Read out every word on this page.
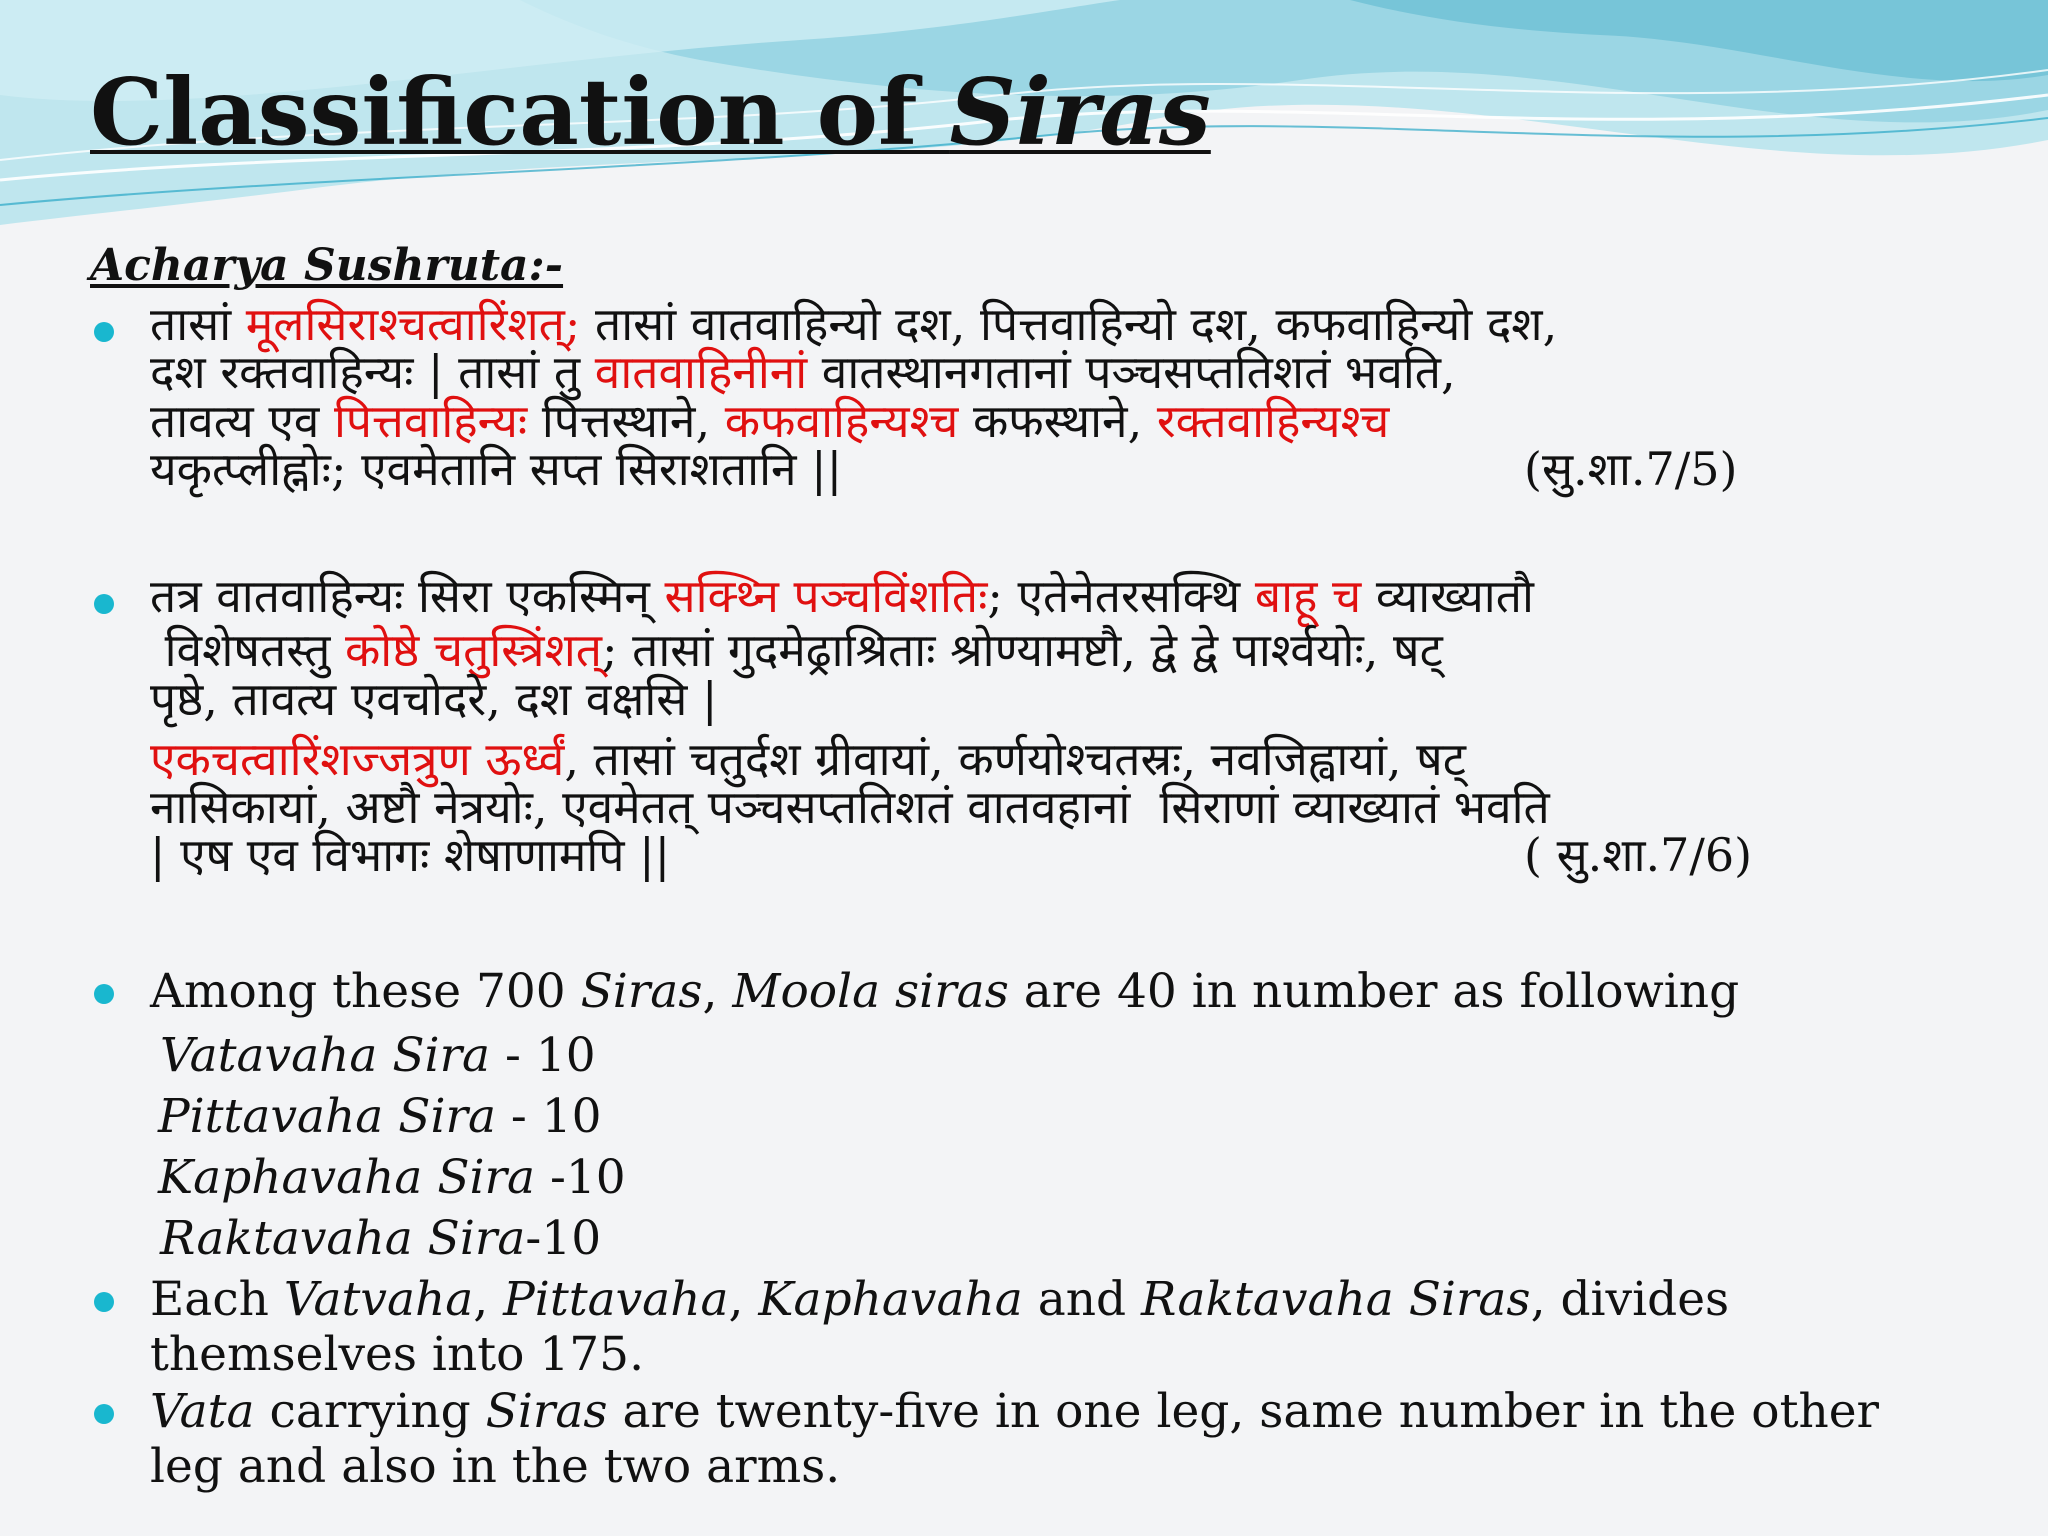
Classification of Siras
Acharya Sushruta:-
तासां मूलसिराश्चत्वारिंशत्; तासां वातवाहिन्यो दश, पित्तवाहिन्यो दश, कफवाहिन्यो दश,
दश रक्तवाहिन्यः | तासां तु वातवाहिनीनां वातस्थानगतानां पञ्चसप्ततिशतं भवति,
तावत्य एव पित्तवाहिन्यः पित्तस्थाने, कफवाहिन्यश्च कफस्थाने, रक्तवाहिन्यश्च
यकृत्प्लीह्नोः; एवमेतानि सप्त सिराशतानि ||	(सु.शा.7/5)
तत्र वातवाहिन्यः सिरा एकस्मिन् सक्थ्नि पञ्चविंशतिः; एतेनेतरसक्थि बाहू च व्याख्यातौ
विशेषतस्तु कोष्ठे चतुस्त्रिंशत्; तासां गुदमेढ्राश्रिताः श्रोण्यामष्टौ, द्वे द्वे पार्श्वयोः, षट्
पृष्ठे, तावत्य एवचोदरे, दश वक्षसि |
एकचत्वारिंशज्जत्रुण ऊर्ध्वं, तासां चतुर्दश ग्रीवायां, कर्णयोश्चतस्रः, नवजिह्वायां, षट्
नासिकायां, अष्टौ नेत्रयोः, एवमेतत् पञ्चसप्ततिशतं वातवहानां  सिराणां व्याख्यातं भवति
| एष एव विभागः शेषाणामपि ||	( सु.शा.7/6)
Among these 700 Siras, Moola siras are 40 in number as following
Vatavaha Sira - 10
Pittavaha Sira - 10
Kaphavaha Sira -10
Raktavaha Sira-10
Each Vatvaha, Pittavaha, Kaphavaha and Raktavaha Siras, divides themselves into 175.
Vata carrying Siras are twenty-five in one leg, same number in the other leg and also in the two arms.
